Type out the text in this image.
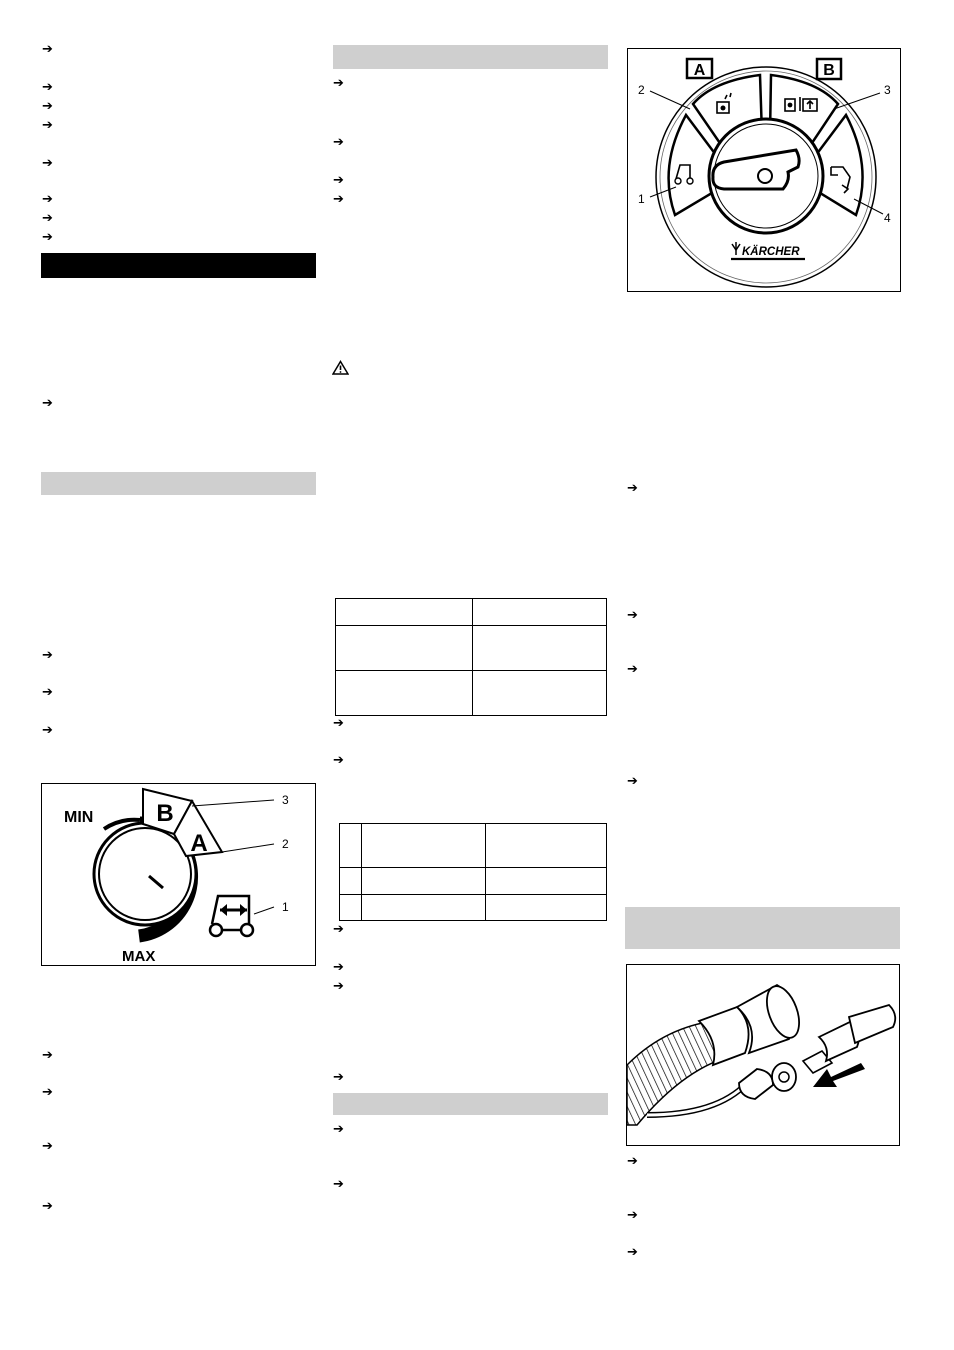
➔
➔
➔
➔
➔
➔
➔
➔
➔
➔
➔
➔
B
A
MIN
MAX
3
2
1
➔
➔
➔
➔
➔
➔
➔
➔

➔
➔

➔
➔
➔
➔
➔
➔
A	B
KÄRCHER
2	3
1
4
➔
➔
➔
➔
➔
➔
➔
